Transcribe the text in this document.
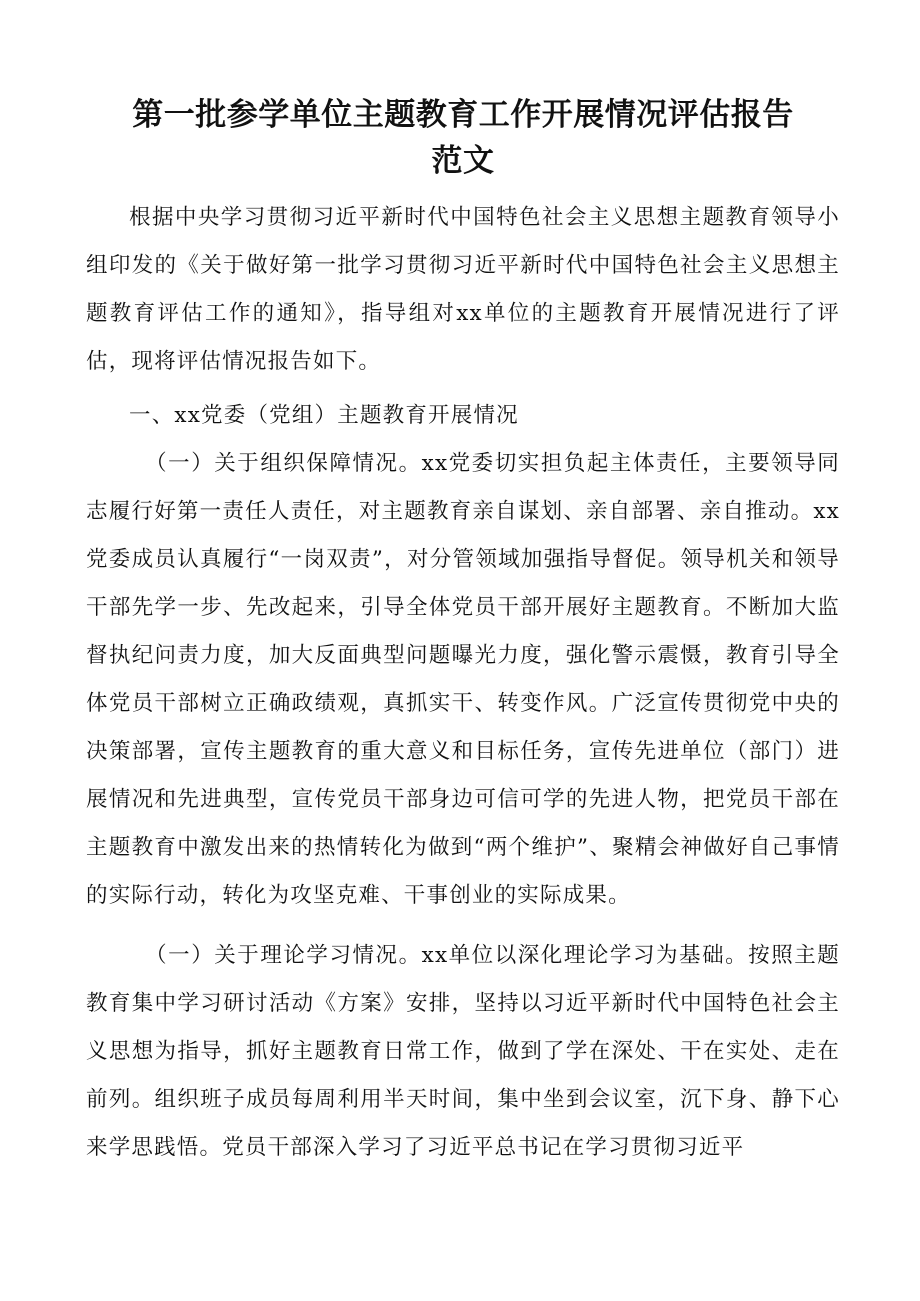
第一批参学单位主题教育工作开展情况评估报告
范文

根据中央学习贯彻习近平新时代中国特色社会主义思想主题教育领导小组印发的《关于做好第一批学习贯彻习近平新时代中国特色社会主义思想主题教育评估工作的通知》，指导组对xx单位的主题教育开展情况进行了评估，现将评估情况报告如下。

一、xx党委（党组）主题教育开展情况

（一）关于组织保障情况。xx党委切实担负起主体责任，主要领导同志履行好第一责任人责任，对主题教育亲自谋划、亲自部署、亲自推动。xx党委成员认真履行“一岗双责”，对分管领域加强指导督促。领导机关和领导干部先学一步、先改起来，引导全体党员干部开展好主题教育。不断加大监督执纪问责力度，加大反面典型问题曝光力度，强化警示震慑，教育引导全体党员干部树立正确政绩观，真抓实干、转变作风。广泛宣传贯彻党中央的决策部署，宣传主题教育的重大意义和目标任务，宣传先进单位（部门）进展情况和先进典型，宣传党员干部身边可信可学的先进人物，把党员干部在主题教育中激发出来的热情转化为做到“两个维护”、聚精会神做好自己事情的实际行动，转化为攻坚克难、干事创业的实际成果。

（一）关于理论学习情况。xx单位以深化理论学习为基础。按照主题教育集中学习研讨活动《方案》安排，坚持以习近平新时代中国特色社会主义思想为指导，抓好主题教育日常工作，做到了学在深处、干在实处、走在前列。组织班子成员每周利用半天时间，集中坐到会议室，沉下身、静下心来学思践悟。党员干部深入学习了习近平总书记在学习贯彻习近平
